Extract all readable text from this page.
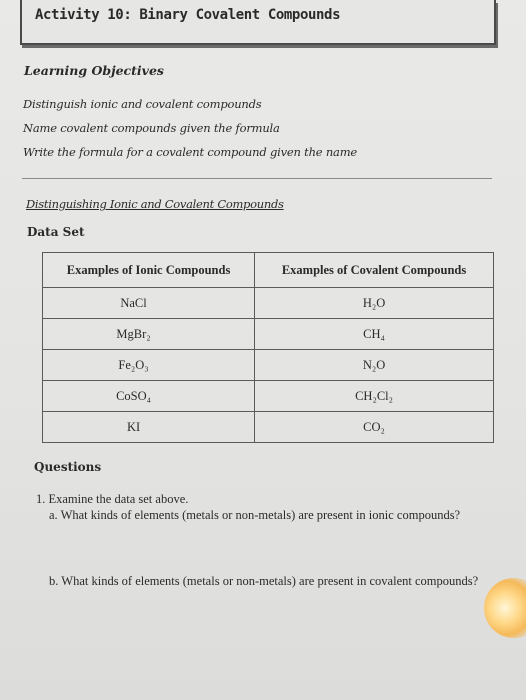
Activity 10: Binary Covalent Compounds
Learning Objectives
Distinguish ionic and covalent compounds
Name covalent compounds given the formula
Write the formula for a covalent compound given the name
Distinguishing Ionic and Covalent Compounds
Data Set
Examples of Ionic Compounds	Examples of Covalent Compounds
NaCl	H₂O
MgBr₂	CH₄
Fe₂O₃	N₂O
CoSO₄	CH₂Cl₂
KI	CO₂
Questions
1. Examine the data set above.
a. What kinds of elements (metals or non-metals) are present in ionic compounds?
b. What kinds of elements (metals or non-metals) are present in covalent compounds?
